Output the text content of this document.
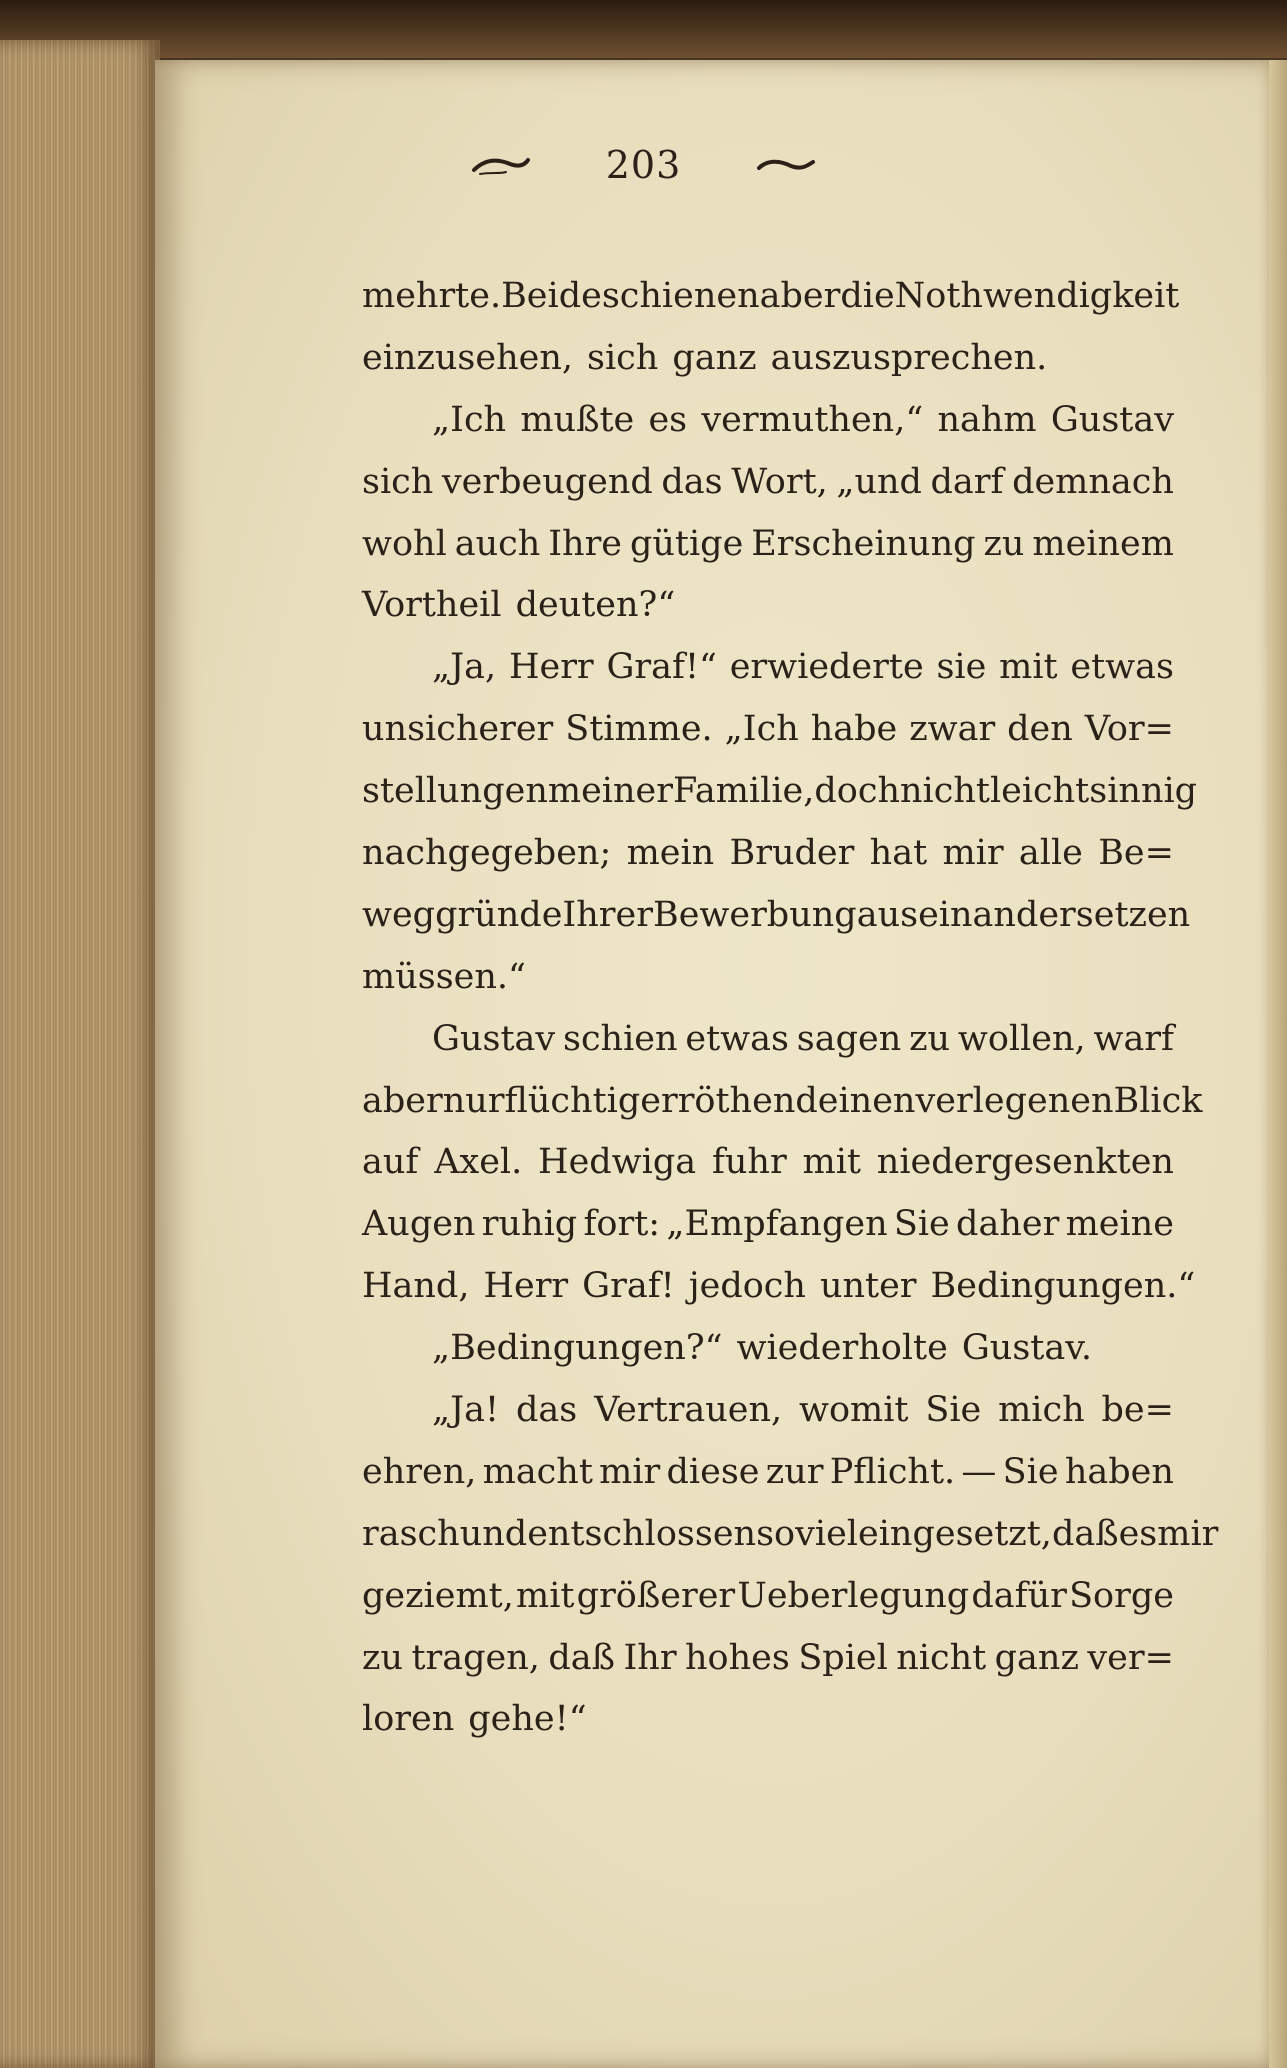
203
mehrte. Beide schienen aber die Nothwendigkeit
einzusehen, sich ganz auszusprechen.
„Ich mußte es vermuthen,“ nahm Gustav
sich verbeugend das Wort, „und darf demnach
wohl auch Ihre gütige Erscheinung zu meinem
Vortheil deuten?“
„Ja, Herr Graf!“ erwiederte sie mit etwas
unsicherer Stimme. „Ich habe zwar den Vor=
stellungen meiner Familie, doch nicht leichtsinnig
nachgegeben; mein Bruder hat mir alle Be=
weggründe Ihrer Bewerbung auseinandersetzen
müssen.“
Gustav schien etwas sagen zu wollen, warf
aber nur flüchtig erröthend einen verlegenen Blick
auf Axel. Hedwiga fuhr mit niedergesenkten
Augen ruhig fort: „Empfangen Sie daher meine
Hand, Herr Graf! jedoch unter Bedingungen.“
„Bedingungen?“ wiederholte Gustav.
„Ja! das Vertrauen, womit Sie mich be=
ehren, macht mir diese zur Pflicht. — Sie haben
rasch und entschlossen so viel eingesetzt, daß es mir
geziemt, mit größerer Ueberlegung dafür Sorge
zu tragen, daß Ihr hohes Spiel nicht ganz ver=
loren gehe!“
